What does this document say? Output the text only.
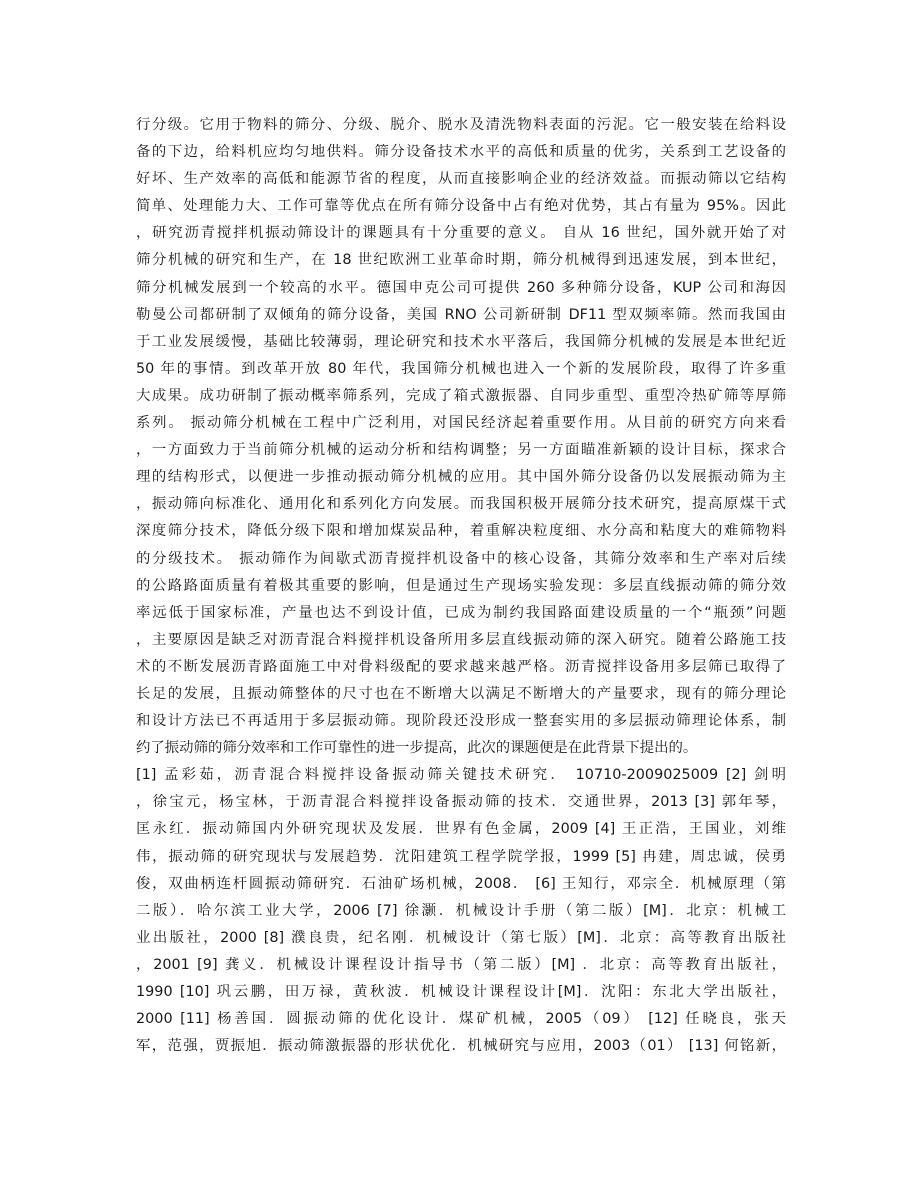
行分级。它用于物料的筛分、分级、脱介、脱水及清洗物料表面的污泥。它一般安装在给料设
备的下边，给料机应均匀地供料。筛分设备技术水平的高低和质量的优劣，关系到工艺设备的
好坏、生产效率的高低和能源节省的程度，从而直接影响企业的经济效益。而振动筛以它结构
简单、处理能力大、工作可靠等优点在所有筛分设备中占有绝对优势，其占有量为 95%。因此
，研究沥青搅拌机振动筛设计的课题具有十分重要的意义。 自从 16 世纪，国外就开始了对
筛分机械的研究和生产，在 18 世纪欧洲工业革命时期，筛分机械得到迅速发展，到本世纪，
筛分机械发展到一个较高的水平。德国申克公司可提供 260 多种筛分设备，KUP 公司和海因
勒曼公司都研制了双倾角的筛分设备，美国 RNO 公司新研制 DF11 型双频率筛。然而我国由
于工业发展缓慢，基础比较薄弱，理论研究和技术水平落后，我国筛分机械的发展是本世纪近
50 年的事情。到改革开放 80 年代，我国筛分机械也进入一个新的发展阶段，取得了许多重
大成果。成功研制了振动概率筛系列，完成了箱式激振器、自同步重型、重型冷热矿筛等厚筛
系列。 振动筛分机械在工程中广泛利用，对国民经济起着重要作用。从目前的研究方向来看
，一方面致力于当前筛分机械的运动分析和结构调整；另一方面瞄准新颖的设计目标，探求合
理的结构形式，以便进一步推动振动筛分机械的应用。其中国外筛分设备仍以发展振动筛为主
，振动筛向标准化、通用化和系列化方向发展。而我国积极开展筛分技术研究，提高原煤干式
深度筛分技术，降低分级下限和增加煤炭品种，着重解决粒度细、水分高和粘度大的难筛物料
的分级技术。 振动筛作为间歇式沥青搅拌机设备中的核心设备，其筛分效率和生产率对后续
的公路路面质量有着极其重要的影响，但是通过生产现场实验发现：多层直线振动筛的筛分效
率远低于国家标准，产量也达不到设计值，已成为制约我国路面建设质量的一个“瓶颈”问题
，主要原因是缺乏对沥青混合料搅拌机设备所用多层直线振动筛的深入研究。随着公路施工技
术的不断发展沥青路面施工中对骨料级配的要求越来越严格。沥青搅拌设备用多层筛已取得了
长足的发展，且振动筛整体的尺寸也在不断增大以满足不断增大的产量要求，现有的筛分理论
和设计方法已不再适用于多层振动筛。现阶段还没形成一整套实用的多层振动筛理论体系，制
约了振动筛的筛分效率和工作可靠性的进一步提高，此次的课题便是在此背景下提出的。
[1] 孟彩茹，沥青混合料搅拌设备振动筛关键技术研究． 10710-2009025009 [2] 剑明
，徐宝元，杨宝林，于沥青混合料搅拌设备振动筛的技术．交通世界，2013 [3] 郭年琴，
匡永红．振动筛国内外研究现状及发展．世界有色金属，2009 [4] 王正浩，王国业，刘维
伟，振动筛的研究现状与发展趋势．沈阳建筑工程学院学报，1999 [5] 冉建，周忠诚，侯勇
俊，双曲柄连杆圆振动筛研究．石油矿场机械，2008． [6] 王知行，邓宗全．机械原理（第
二版）．哈尔滨工业大学，2006 [7] 徐灏．机械设计手册（第二版）[M]．北京：机械工
业出版社，2000 [8] 濮良贵，纪名刚．机械设计（第七版）[M]．北京：高等教育出版社
，2001 [9] 龚义．机械设计课程设计指导书（第二版）[M] ．北京：高等教育出版社，
1990 [10] 巩云鹏，田万禄，黄秋波．机械设计课程设计[M]．沈阳：东北大学出版社，
2000 [11] 杨善国．圆振动筛的优化设计．煤矿机械，2005（09） [12] 任晓良，张天
军，范强，贾振旭．振动筛激振器的形状优化．机械研究与应用，2003（01） [13] 何铭新，
